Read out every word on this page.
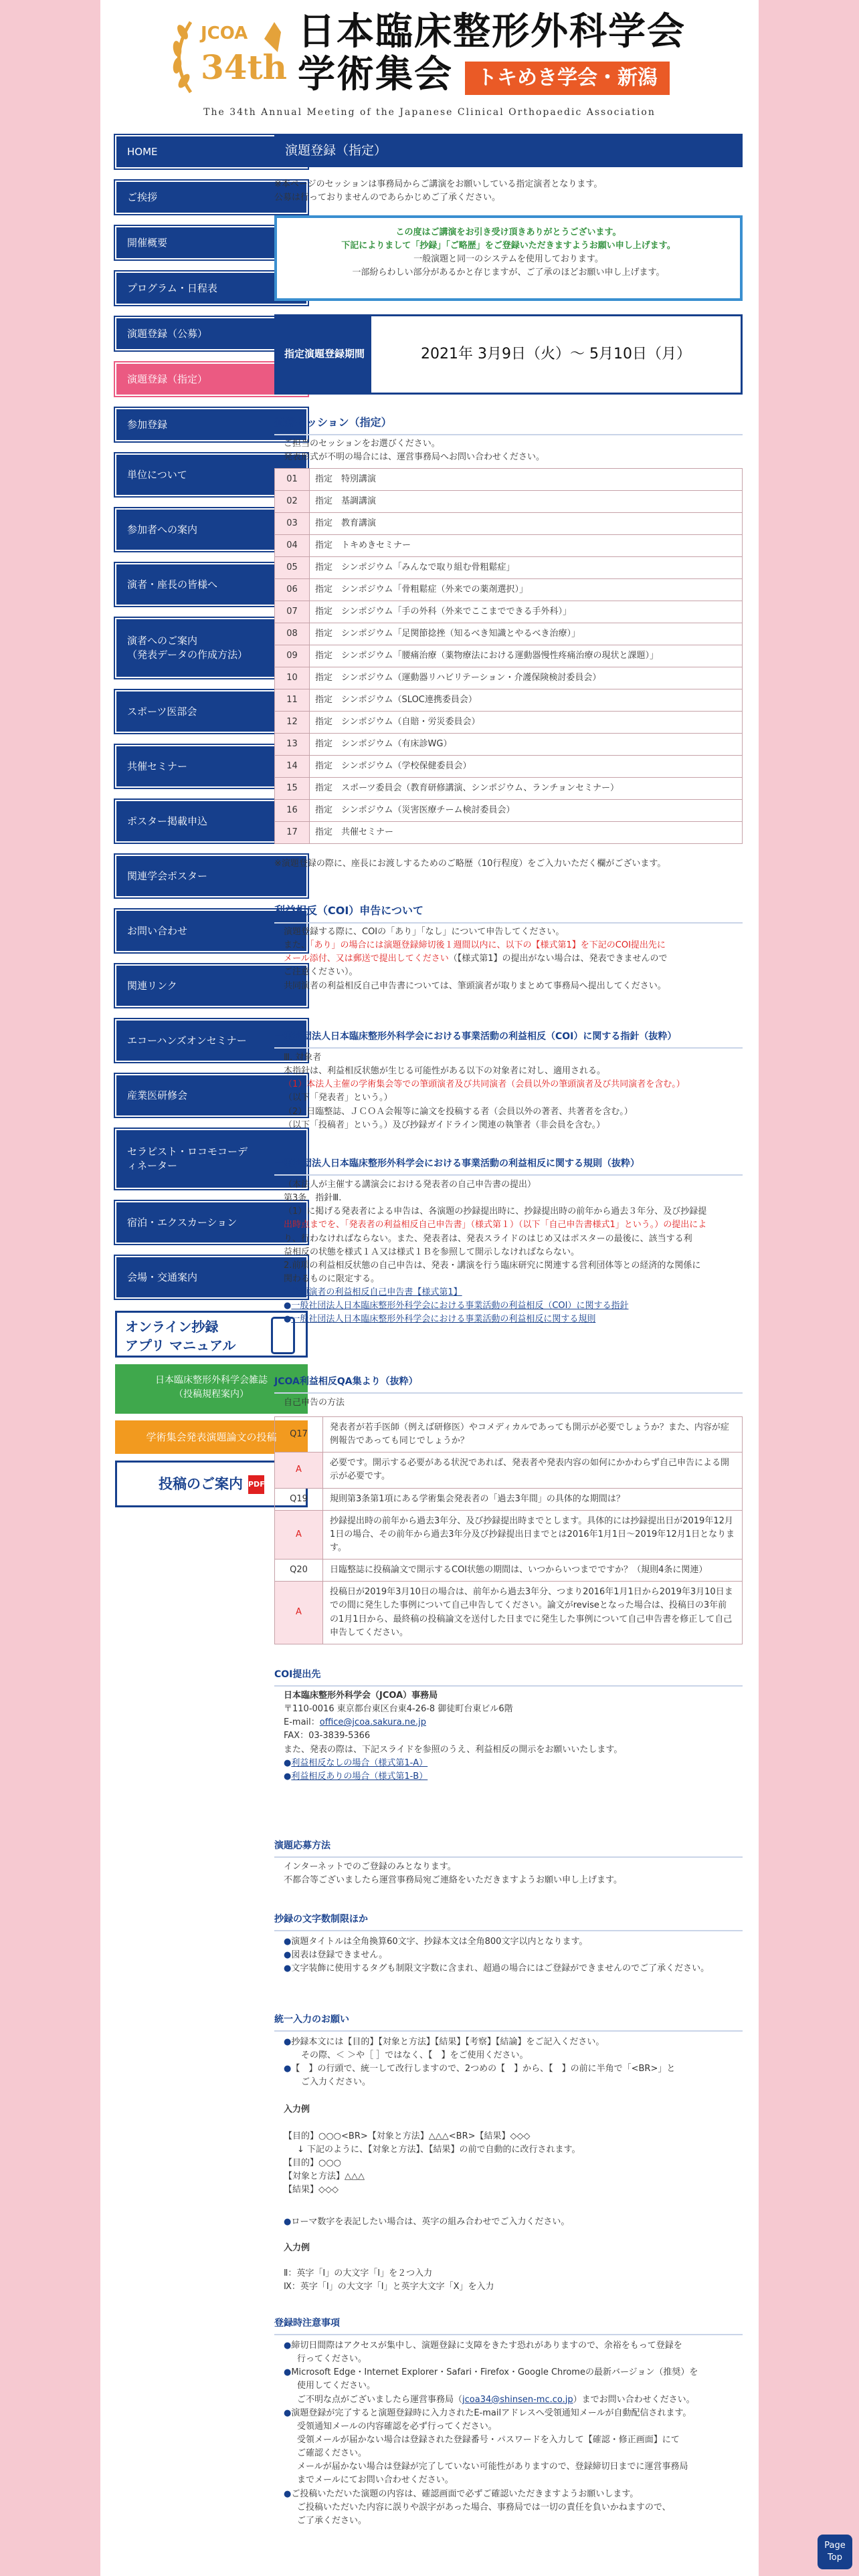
JCOA
34th
日本臨床整形外科学会
学術集会	トキめき学会・新潟
The 34th Annual Meeting of the Japanese Clinical Orthopaedic Association
HOME
ご挨拶
開催概要
プログラム・日程表
演題登録（公募）
演題登録（指定）
参加登録
単位について
参加者への案内
演者・座長の皆様へ
演者へのご案内
（発表データの作成方法）
スポーツ医部会
共催セミナー
ポスター掲載申込
関連学会ポスター
お問い合わせ
関連リンク
エコーハンズオンセミナー
産業医研修会
セラピスト・ロコモコーデ
ィネーター
宿泊・エクスカーション
会場・交通案内
オンライン抄録
アプリ マニュアル
日本臨床整形外科学会雑誌
（投稿規程案内）
学術集会発表演題論文の投稿
投稿のご案内 PDF
演題登録（指定）
※本ページのセッションは事務局からご講演をお願いしている指定演者となります。
公募は行っておりませんのであらかじめご了承ください。
この度はご講演をお引き受け頂きありがとうございます。
下記によりまして「抄録」「ご略歴」をご登録いただきますようお願い申し上げます。
一般演題と同一のシステムを使用しております。
一部紛らわしい部分があるかと存じますが、ご了承のほどお願い申し上げます。
指定演題登録期間	2021年 3月9日（火）～ 5月10日（月）
登録セッション（指定）
ご担当のセッションをお選びください。
発表形式が不明の場合には、運営事務局へお問い合わせください。
01	指定　特別講演
02	指定　基調講演
03	指定　教育講演
04	指定　トキめきセミナー
05	指定　シンポジウム「みんなで取り組む骨粗鬆症」
06	指定　シンポジウム「骨粗鬆症（外来での薬剤選択）」
07	指定　シンポジウム「手の外科（外来でここまでできる手外科）」
08	指定　シンポジウム「足関節捻挫（知るべき知識とやるべき治療）」
09	指定　シンポジウム「腰痛治療（薬物療法における運動器慢性疼痛治療の現状と課題）」
10	指定　シンポジウム（運動器リハビリテーション・介護保険検討委員会）
11	指定　シンポジウム（SLOC連携委員会）
12	指定　シンポジウム（自賠・労災委員会）
13	指定　シンポジウム（有床診WG）
14	指定　シンポジウム（学校保健委員会）
15	指定　スポーツ委員会（教育研修講演、シンポジウム、ランチョンセミナー）
16	指定　シンポジウム（災害医療チーム検討委員会）
17	指定　共催セミナー
※演題登録の際に、座長にお渡しするためのご略歴（10行程度）をご入力いただく欄がございます。
利益相反（COI）申告について
演題登録する際に、COIの「あり」「なし」について申告してください。
また、「あり」の場合には演題登録締切後１週間以内に、以下の【様式第1】を下記のCOI提出先に
メール添付、又は郵送で提出してください（【様式第1】の提出がない場合は、発表できませんので
ご注意ください）。
共同演者の利益相反自己申告書については、筆頭演者が取りまとめて事務局へ提出してください。
一般社団法人日本臨床整形外科学会における事業活動の利益相反（COI）に関する指針（抜粋）
Ⅲ. 対象者
本指針は、利益相反状態が生じる可能性がある以下の対象者に対し、適用される。
（1）本法人主催の学術集会等での筆頭演者及び共同演者（会員以外の筆頭演者及び共同演者を含む。）
（以下「発表者」という。）
（2）日臨整誌、ＪＣＯＡ会報等に論文を投稿する者（会員以外の著者、共著者を含む。）
（以下「投稿者」という。）及び抄録ガイドライン関連の執筆者（非会員を含む。）
一般社団法人日本臨床整形外科学会における事業活動の利益相反に関する規則（抜粋）
（本法人が主催する講演会における発表者の自己申告書の提出）
第3条　指針Ⅲ.
（1）に掲げる発表者による申告は、各演題の抄録提出時に、抄録提出時の前年から過去３年分、及び抄録提
出時点までを、「発表者の利益相反自己申告書」（様式第１）（以下「自己申告書様式1」という。）の提出によ
り、行わなければならない。また、発表者は、発表スライドのはじめ又はポスターの最後に、該当する利
益相反の状態を様式１Ａ又は様式１Ｂを参照して開示しなければならない。
2.前項の利益相反状態の自己申告は、発表・講演を行う臨床研究に関連する営利団体等との経済的な関係に
関わるものに限定する。
●筆頭演者の利益相反自己申告書【様式第1】
●一般社団法人日本臨床整形外科学会における事業活動の利益相反（COI）に関する指針
●一般社団法人日本臨床整形外科学会における事業活動の利益相反に関する規則
JCOA利益相反QA集より（抜粋）
自己申告の方法
Q17	発表者が若手医師（例えば研修医）やコメディカルであっても開示が必要でしょうか？また、内容が症例報告であっても同じでしょうか？
A	必要です。開示する必要がある状況であれば、発表者や発表内容の如何にかかわらず自己申告による開示が必要です。
Q19	規則第3条第1項にある学術集会発表者の「過去3年間」の具体的な期間は？
A	抄録提出時の前年から過去3年分、及び抄録提出時までとします。具体的には抄録提出日が2019年12月1日の場合、その前年から過去3年分及び抄録提出日までとは2016年1月1日～2019年12月1日となります。
Q20	日臨整誌に投稿論文で開示するCOI状態の期間は、いつからいつまでですか？（規則4条に関連）
A	投稿日が2019年3月10日の場合は、前年から過去3年分、つまり2016年1月1日から2019年3月10日までの間に発生した事例について自己申告してください。論文がreviseとなった場合は、投稿日の3年前の1月1日から、最終稿の投稿論文を送付した日までに発生した事例について自己申告書を修正して自己申告してください。
COI提出先
日本臨床整形外科学会（JCOA）事務局
〒110-0016 東京都台東区台東4-26-8 御徒町台東ビル6階
E-mail：office@jcoa.sakura.ne.jp
FAX：03-3839-5366
また、発表の際は、下記スライドを参照のうえ、利益相反の開示をお願いいたします。
●利益相反なしの場合（様式第1-A）
●利益相反ありの場合（様式第1-B）
演題応募方法
インターネットでのご登録のみとなります。
不都合等ございましたら運営事務局宛ご連絡をいただきますようお願い申し上げます。
抄録の文字数制限ほか
●演題タイトルは全角換算60文字、抄録本文は全角800文字以内となります。
●図表は登録できません。
●文字装飾に使用するタグも制限文字数に含まれ、超過の場合にはご登録ができませんのでご了承ください。
統一入力のお願い
●抄録本文には【目的】【対象と方法】【結果】【考察】【結論】をご記入ください。
その際、＜ ＞や［ ］ではなく、【　】をご使用ください。
●【　】の行頭で、統一して改行しますので、2つめの【　】から、【　】の前に半角で「<BR>」と
ご入力ください。
入力例
【目的】○○○<BR>【対象と方法】△△△<BR>【結果】◇◇◇
↓ 下記のように、【対象と方法】、【結果】の前で自動的に改行されます。
【目的】○○○
【対象と方法】△△△
【結果】◇◇◇
●ローマ数字を表記したい場合は、英字の組み合わせでご入力ください。
入力例
Ⅱ：英字「I」の大文字「I」を２つ入力
Ⅸ：英字「I」の大文字「I」と英字大文字「X」を入力
登録時注意事項
●締切日間際はアクセスが集中し、演題登録に支障をきたす恐れがありますので、余裕をもって登録を
行ってください。
●Microsoft Edge・Internet Explorer・Safari・Firefox・Google Chromeの最新バージョン（推奨）を
使用してください。
ご不明な点がございましたら運営事務局（jcoa34@shinsen-mc.co.jp）までお問い合わせください。
●演題登録が完了すると演題登録時に入力されたE-mailアドレスへ受領通知メールが自動配信されます。
受領通知メールの内容確認を必ず行ってください。
受領メールが届かない場合は登録された登録番号・パスワードを入力して【確認・修正画面】にて
ご確認ください。
メールが届かない場合は登録が完了していない可能性がありますので、登録締切日までに運営事務局
までメールにてお問い合わせください。
●ご投稿いただいた演題の内容は、確認画面で必ずご確認いただきますようお願いします。
ご投稿いただいた内容に誤りや誤字があった場合、事務局では一切の責任を負いかねますので、
ご了承ください。
Page
Top
